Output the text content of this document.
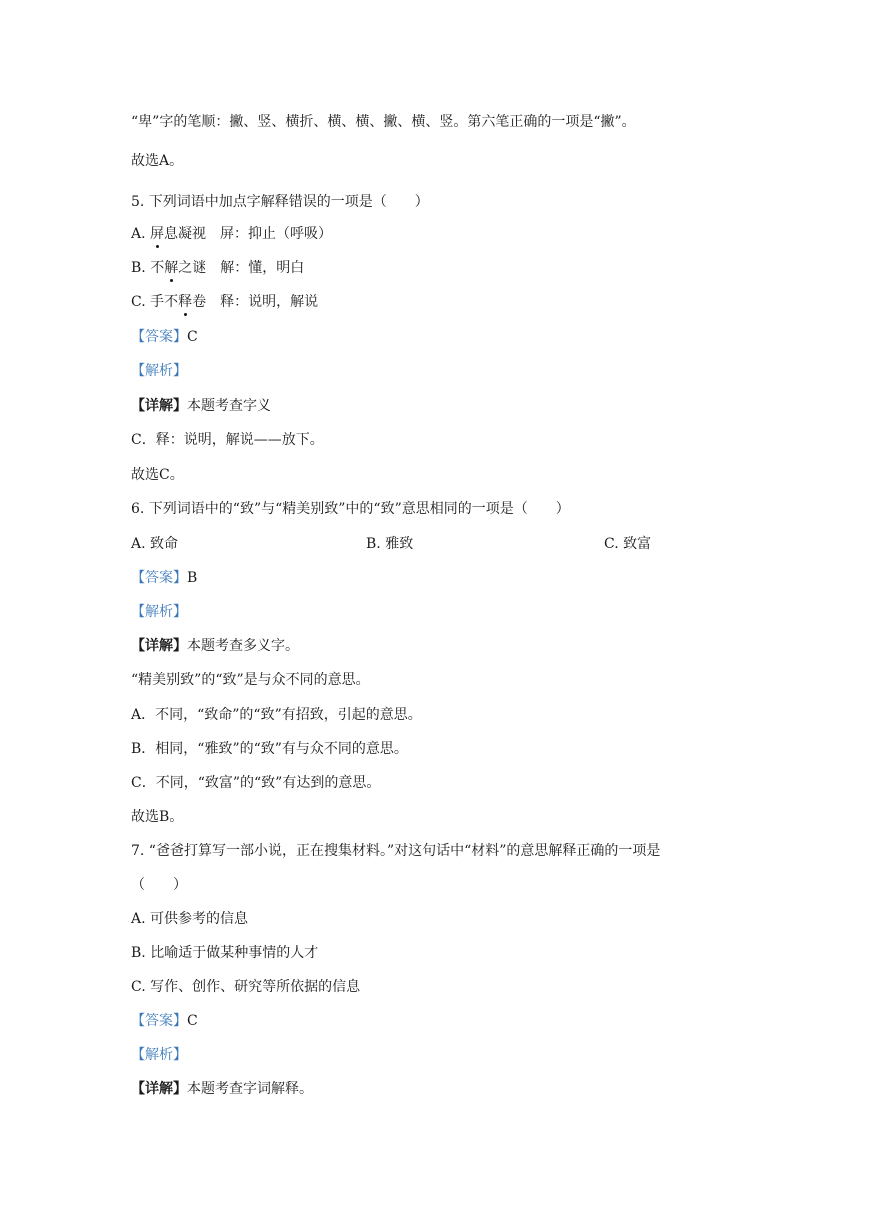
“卑”字的笔顺：撇、竖、横折、横、横、撇、横、竖。第六笔正确的一项是“撇”。
故选A。
5. 下列词语中加点字解释错误的一项是（　　）
A. 屏息凝视 屏：抑止（呼吸）
B. 不解之谜 解：懂，明白
C. 手不释卷 释：说明，解说
【答案】C
【解析】
【详解】本题考查字义
C．释：说明，解说——放下。
故选C。
6. 下列词语中的“致”与“精美别致”中的“致”意思相同的一项是（　　）
A. 致命	B. 雅致	C. 致富
【答案】B
【解析】
【详解】本题考查多义字。
“精美别致”的“致”是与众不同的意思。
A．不同，“致命”的“致”有招致，引起的意思。
B．相同，“雅致”的“致”有与众不同的意思。
C．不同，“致富”的“致”有达到的意思。
故选B。
7. “爸爸打算写一部小说，正在搜集材料。”对这句话中“材料”的意思解释正确的一项是
（　　）
A. 可供参考的信息
B. 比喻适于做某种事情的人才
C. 写作、创作、研究等所依据的信息
【答案】C
【解析】
【详解】本题考查字词解释。
